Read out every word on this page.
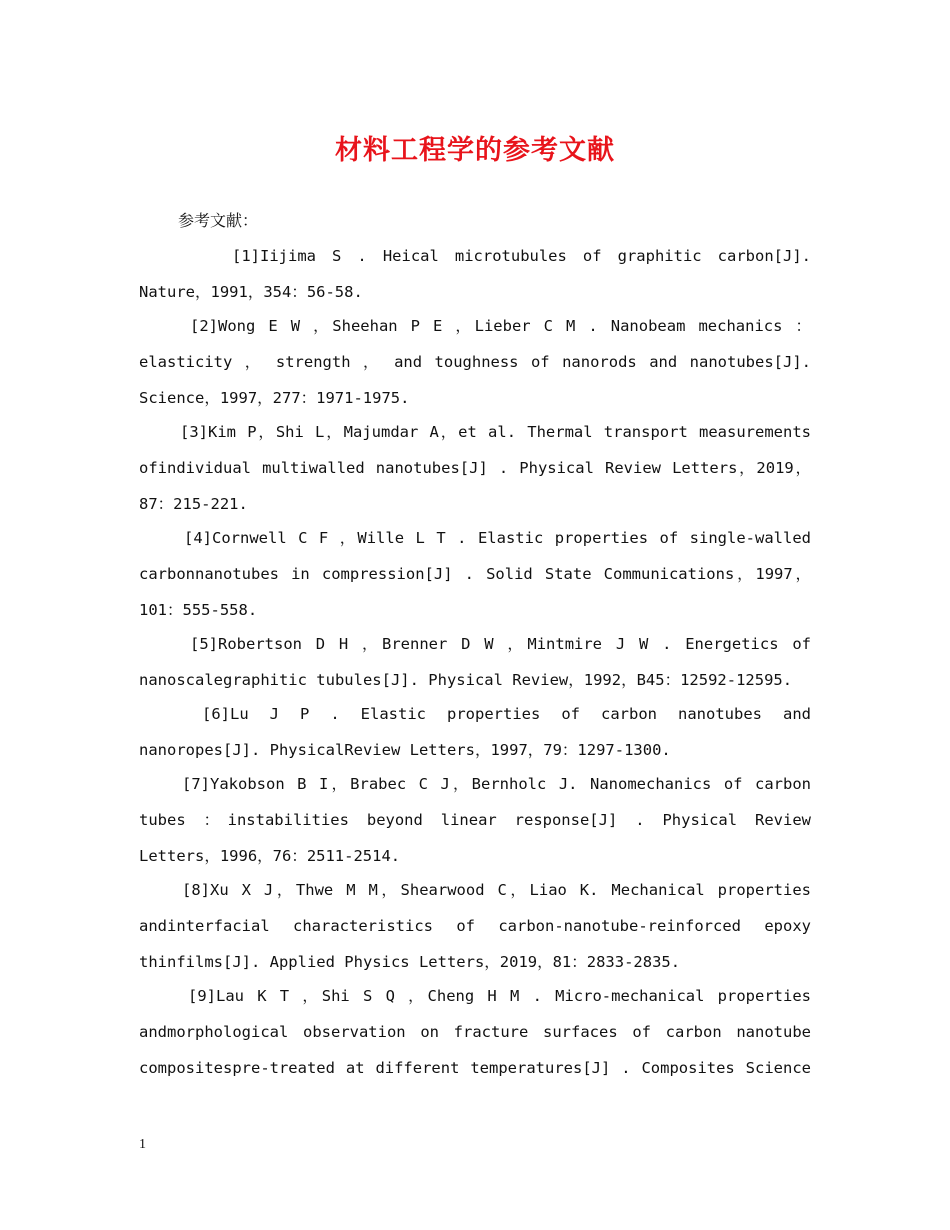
材料工程学的参考文献
参考文献：

[1]Iijima S . Heical microtubules of graphitic carbon[J]. Nature，1991，354：56-58.

[2]Wong E W ，Sheehan P E ，Lieber C M . Nanobeam mechanics ：elasticity ， strength ， and toughness of nanorods and nanotubes[J]. Science，1997，277：1971-1975.

[3]Kim P，Shi L，Majumdar A，et al. Thermal transport measurements ofindividual multiwalled nanotubes[J] . Physical Review Letters，2019，87：215-221.

[4]Cornwell C F ，Wille L T . Elastic properties of single-walled carbonnanotubes in compression[J] . Solid State Communications，1997，101：555-558.

[5]Robertson D H ，Brenner D W ，Mintmire J W . Energetics of nanoscalegraphitic tubules[J]. Physical Review，1992，B45：12592-12595.

[6]Lu J P . Elastic properties of carbon nanotubes and nanoropes[J]. PhysicalReview Letters，1997，79：1297-1300.

[7]Yakobson B I，Brabec C J，Bernholc J. Nanomechanics of carbon tubes ：instabilities beyond linear response[J] . Physical Review Letters，1996，76：2511-2514.

[8]Xu X J，Thwe M M，Shearwood C，Liao K. Mechanical properties andinterfacial characteristics of carbon-nanotube-reinforced epoxy thinfilms[J]. Applied Physics Letters，2019，81：2833-2835.

[9]Lau K T ，Shi S Q ，Cheng H M . Micro-mechanical properties andmorphological observation on fracture surfaces of carbon nanotube compositespre-treated at different temperatures[J] . Composites Science

1
